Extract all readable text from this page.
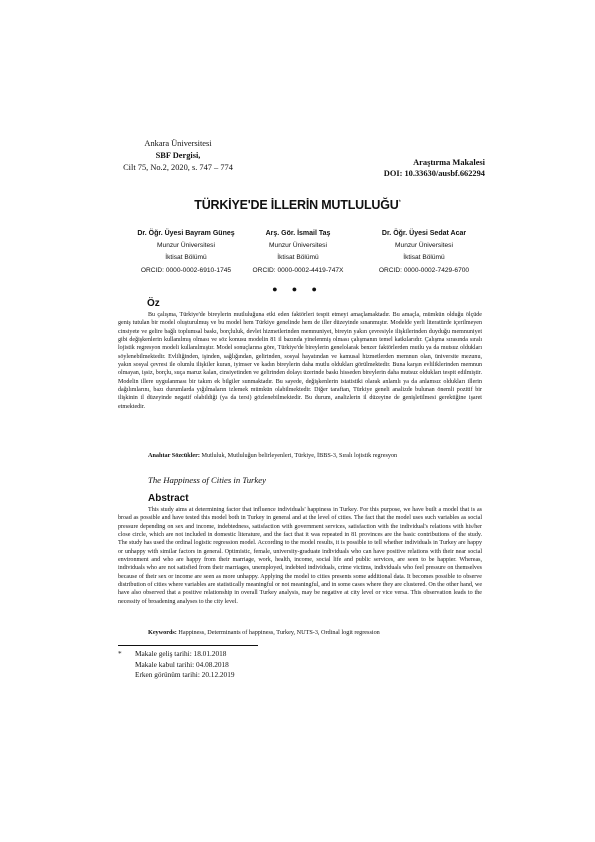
Ankara Üniversitesi
SBF Dergisi,
Cilt 75, No.2, 2020, s. 747 – 774
Araştırma Makalesi
DOI: 10.33630/ausbf.662294
TÜRKİYE'DE İLLERİN MUTLULUĞU*
Dr. Öğr. Üyesi Bayram Güneş
Munzur Üniversitesi
İktisat Bölümü
ORCID: 0000-0002-6910-1745
Arş. Gör. İsmail Taş
Munzur Üniversitesi
İktisat Bölümü
ORCID: 0000-0002-4419-747X
Dr. Öğr. Üyesi Sedat Acar
Munzur Üniversitesi
İktisat Bölümü
ORCID: 0000-0002-7429-6700
● ● ●
Öz

Bu çalışma, Türkiye'de bireylerin mutluluğuna etki eden faktörleri tespit etmeyi amaçlamaktadır. Bu amaçla, mümkün olduğu ölçüde geniş tutulan bir model oluşturulmuş ve bu model hem Türkiye genelinde hem de iller düzeyinde sınanmıştır. Modelde yerli literatürde içerilmeyen cinsiyete ve gelire bağlı toplumsal baskı, borçluluk, devlet hizmetlerinden memnuniyet, bireyin yakın çevresiyle ilişkilerinden duyduğu memnuniyet gibi değişkenlerin kullanılmış olması ve söz konusu modelin 81 il bazında yinelenmiş olması çalışmanın temel katkılarıdır. Çalışma sırasında sıralı lojistik regresyon modeli kullanılmıştır. Model sonuçlarına göre, Türkiye'de bireylerin genelolarak benzer faktörlerden mutlu ya da mutsuz oldukları söylenebilmektedir. Evliliğinden, işinden, sağlığından, gelirinden, sosyal hayatından ve kamusal hizmetlerden memnun olan, üniversite mezunu, yakın sosyal çevresi ile olumlu ilişkiler kuran, iyimser ve kadın bireylerin daha mutlu oldukları görülmektedir. Buna karşın evliliklerinden memnun olmayan, işsiz, borçlu, suça maruz kalan, cinsiyetinden ve gelirinden dolayı üzerinde baskı hisseden bireylerin daha mutsuz oldukları tespit edilmiştir. Modelin illere uygulanması bir takım ek bilgiler sunmaktadır. Bu sayede, değişkenlerin istatistiki olarak anlamlı ya da anlamsız oldukları illerin dağılımlarını, bazı durumlarda yığılmaların izlemek mümkün olabilmektedir. Diğer taraftan, Türkiye geneli analizde bulunan önemli pozitif bir ilişkinin il düzeyinde negatif olabildiği (ya da tersi) gözlenebilmektedir. Bu durum, analizlerin il düzeyine de genişletilmesi gerektiğine işaret etmektedir.

Anahtar Sözcükler: Mutluluk, Mutluluğun belirleyenleri, Türkiye, İBBS-3, Sıralı lojistik regresyon
The Happiness of Cities in Turkey
Abstract

This study aims at determining factor that influence individuals' happiness in Turkey. For this purpose, we have built a model that is as broad as possible and have tested this model both in Turkey in general and at the level of cities. The fact that the model uses such variables as social pressure depending on sex and income, indebtedness, satisfaction with government services, satisfaction with the individual's relations with his/her close circle, which are not included in domestic literature, and the fact that it was repeated in 81 provinces are the basic contributions of the study. The study has used the ordinal logistic regression model. According to the model results, it is possible to tell whether individuals in Turkey are happy or unhappy with similar factors in general. Optimistic, female, university-graduate individuals who can have positive relations with their near social environment and who are happy from their marriage, work, health, income, social life and public services, are seen to be happier. Whereas, individuals who are not satisfied from their marriages, unemployed, indebted individuals, crime victims, individuals who feel pressure on themselves because of their sex or income are seen as more unhappy. Applying the model to cities presents some additional data. It becomes possible to observe distribution of cities where variables are statistically meaningful or not meaningful, and in some cases where they are clustered. On the other hand, we have also observed that a positive relationship in overall Turkey analysis, may be negative at city level or vice versa. This observation leads to the necessity of broadening analyses to the city level.

Keywords: Happiness, Determinants of happiness, Turkey, NUTS-3, Ordinal logit regression
* Makale geliş tarihi: 18.01.2018
Makale kabul tarihi: 04.08.2018
Erken görünüm tarihi: 20.12.2019
